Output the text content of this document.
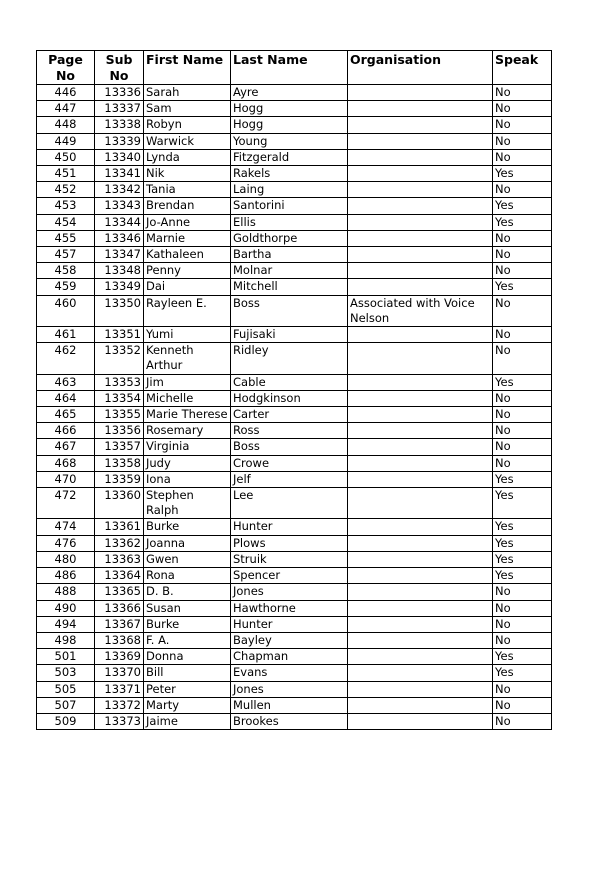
Page No	Sub No	First Name	Last Name	Organisation	Speak
446	13336	Sarah	Ayre		No
447	13337	Sam	Hogg		No
448	13338	Robyn	Hogg		No
449	13339	Warwick	Young		No
450	13340	Lynda	Fitzgerald		No
451	13341	Nik	Rakels		Yes
452	13342	Tania	Laing		No
453	13343	Brendan	Santorini		Yes
454	13344	Jo-Anne	Ellis		Yes
455	13346	Marnie	Goldthorpe		No
457	13347	Kathaleen	Bartha		No
458	13348	Penny	Molnar		No
459	13349	Dai	Mitchell		Yes
460	13350	Rayleen E.	Boss	Associated with Voice Nelson	No
461	13351	Yumi	Fujisaki		No
462	13352	Kenneth Arthur	Ridley		No
463	13353	Jim	Cable		Yes
464	13354	Michelle	Hodgkinson		No
465	13355	Marie Therese	Carter		No
466	13356	Rosemary	Ross		No
467	13357	Virginia	Boss		No
468	13358	Judy	Crowe		No
470	13359	Iona	Jelf		Yes
472	13360	Stephen Ralph	Lee		Yes
474	13361	Burke	Hunter		Yes
476	13362	Joanna	Plows		Yes
480	13363	Gwen	Struik		Yes
486	13364	Rona	Spencer		Yes
488	13365	D. B.	Jones		No
490	13366	Susan	Hawthorne		No
494	13367	Burke	Hunter		No
498	13368	F. A.	Bayley		No
501	13369	Donna	Chapman		Yes
503	13370	Bill	Evans		Yes
505	13371	Peter	Jones		No
507	13372	Marty	Mullen		No
509	13373	Jaime	Brookes		No
